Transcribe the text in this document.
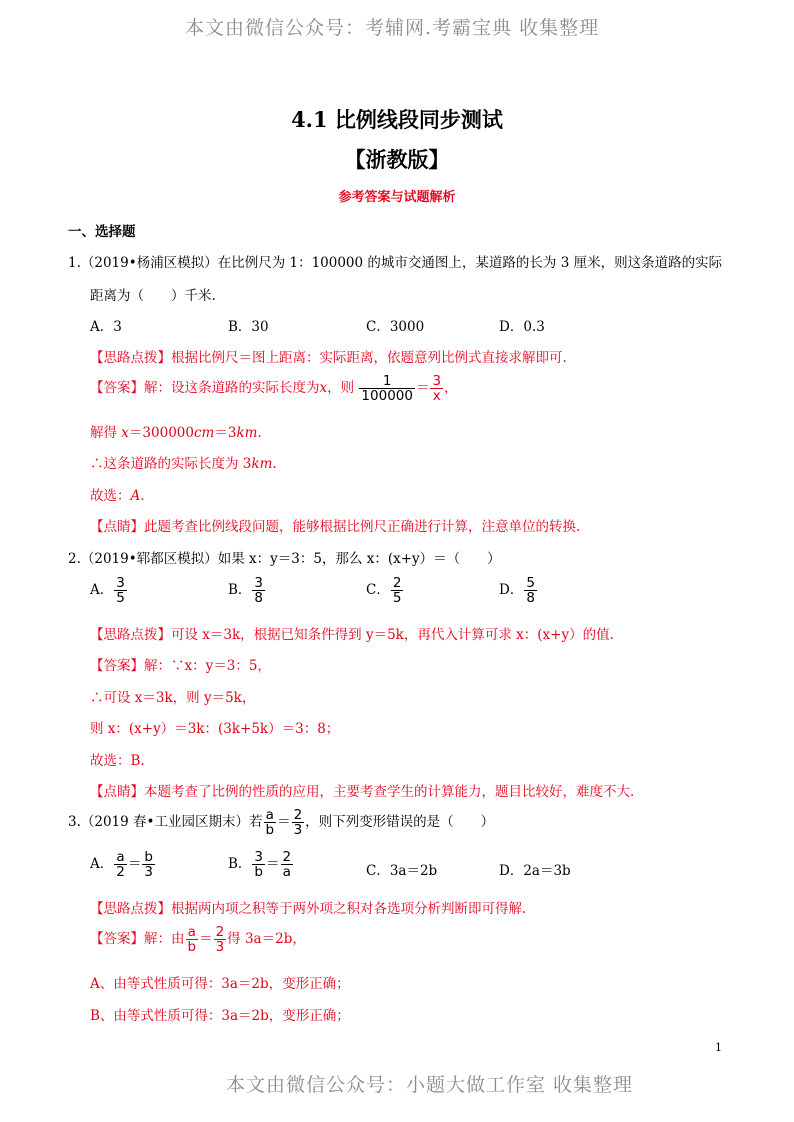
本文由微信公众号：考辅网.考霸宝典 收集整理
4.1 比例线段同步测试
【浙教版】
参考答案与试题解析
一、选择题
1.（2019•杨浦区模拟）在比例尺为 1：100000 的城市交通图上，某道路的长为 3 厘米，则这条道路的实际
距离为（　　）千米.
A．3	B．30	C．3000	D．0.3
【思路点拨】根据比例尺＝图上距离：实际距离，依题意列比例式直接求解即可.
【答案】解：设这条道路的实际长度为x，则 $\frac{1}{100000} = \frac{3}{x}$ ，
解得 x＝300000cm＝3km.
∴这条道路的实际长度为 3km.
故选：A.
【点睛】此题考查比例线段问题，能够根据比例尺正确进行计算，注意单位的转换.
2.（2019•郓都区模拟）如果 x：y＝3：5，那么 x：(x+y）＝（　　）
A． $\frac{3}{5}$	B． $\frac{3}{8}$	C． $\frac{2}{5}$	D． $\frac{5}{8}$
【思路点拨】可设 x＝3k，根据已知条件得到 y＝5k，再代入计算可求 x：(x+y）的值.
【答案】解：∵x：y＝3：5，
∴可设 x＝3k，则 y＝5k，
则 x：(x+y）＝3k：(3k+5k）＝3：8；
故选：B.
【点睛】本题考查了比例的性质的应用，主要考查学生的计算能力，题目比较好，难度不大.
3.（2019 春•工业园区期末）若 $\frac{a}{b} = \frac{2}{3}$ ，则下列变形错误的是（　　）
A． $\frac{a}{2} = \frac{b}{3}$	B． $\frac{3}{b} = \frac{2}{a}$	C．3a＝2b	D．2a＝3b
【思路点拨】根据两内项之积等于两外项之积对各选项分析判断即可得解.
【答案】解：由 $\frac{a}{b} = \frac{2}{3}$ 得 3a＝2b，
A、由等式性质可得：3a＝2b，变形正确；
B、由等式性质可得：3a＝2b，变形正确；
1
本文由微信公众号：小题大做工作室 收集整理
